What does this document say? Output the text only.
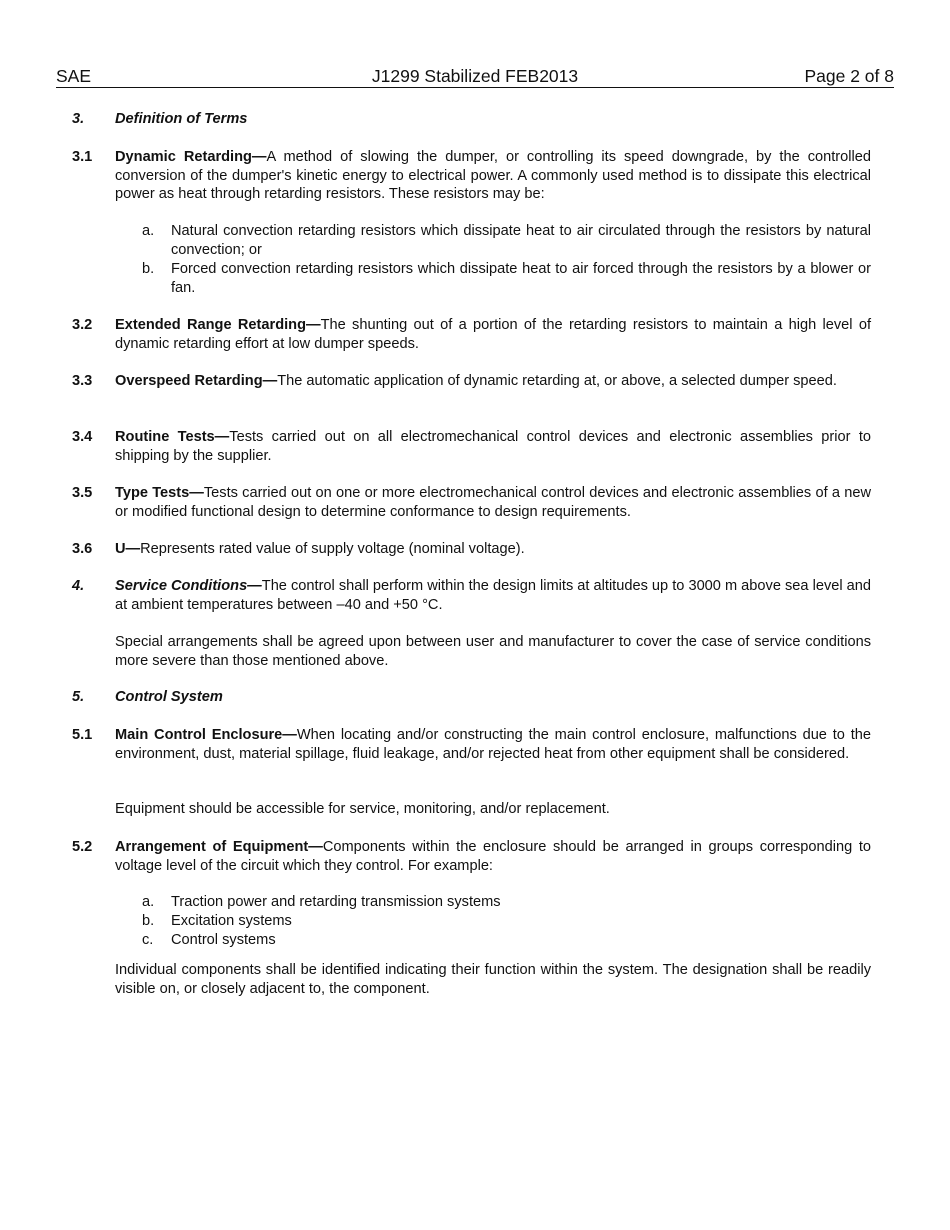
SAE	J1299 Stabilized FEB2013	Page 2 of 8
3. Definition of Terms
3.1 Dynamic Retarding—A method of slowing the dumper, or controlling its speed downgrade, by the controlled conversion of the dumper's kinetic energy to electrical power. A commonly used method is to dissipate this electrical power as heat through retarding resistors. These resistors may be:
a. Natural convection retarding resistors which dissipate heat to air circulated through the resistors by natural convection; or
b. Forced convection retarding resistors which dissipate heat to air forced through the resistors by a blower or fan.
3.2 Extended Range Retarding—The shunting out of a portion of the retarding resistors to maintain a high level of dynamic retarding effort at low dumper speeds.
3.3 Overspeed Retarding—The automatic application of dynamic retarding at, or above, a selected dumper speed.
3.4 Routine Tests—Tests carried out on all electromechanical control devices and electronic assemblies prior to shipping by the supplier.
3.5 Type Tests—Tests carried out on one or more electromechanical control devices and electronic assemblies of a new or modified functional design to determine conformance to design requirements.
3.6 U—Represents rated value of supply voltage (nominal voltage).
4. Service Conditions—The control shall perform within the design limits at altitudes up to 3000 m above sea level and at ambient temperatures between –40 and +50 °C.
Special arrangements shall be agreed upon between user and manufacturer to cover the case of service conditions more severe than those mentioned above.
5. Control System
5.1 Main Control Enclosure—When locating and/or constructing the main control enclosure, malfunctions due to the environment, dust, material spillage, fluid leakage, and/or rejected heat from other equipment shall be considered.
Equipment should be accessible for service, monitoring, and/or replacement.
5.2 Arrangement of Equipment—Components within the enclosure should be arranged in groups corresponding to voltage level of the circuit which they control. For example:
a. Traction power and retarding transmission systems
b. Excitation systems
c. Control systems
Individual components shall be identified indicating their function within the system. The designation shall be readily visible on, or closely adjacent to, the component.
